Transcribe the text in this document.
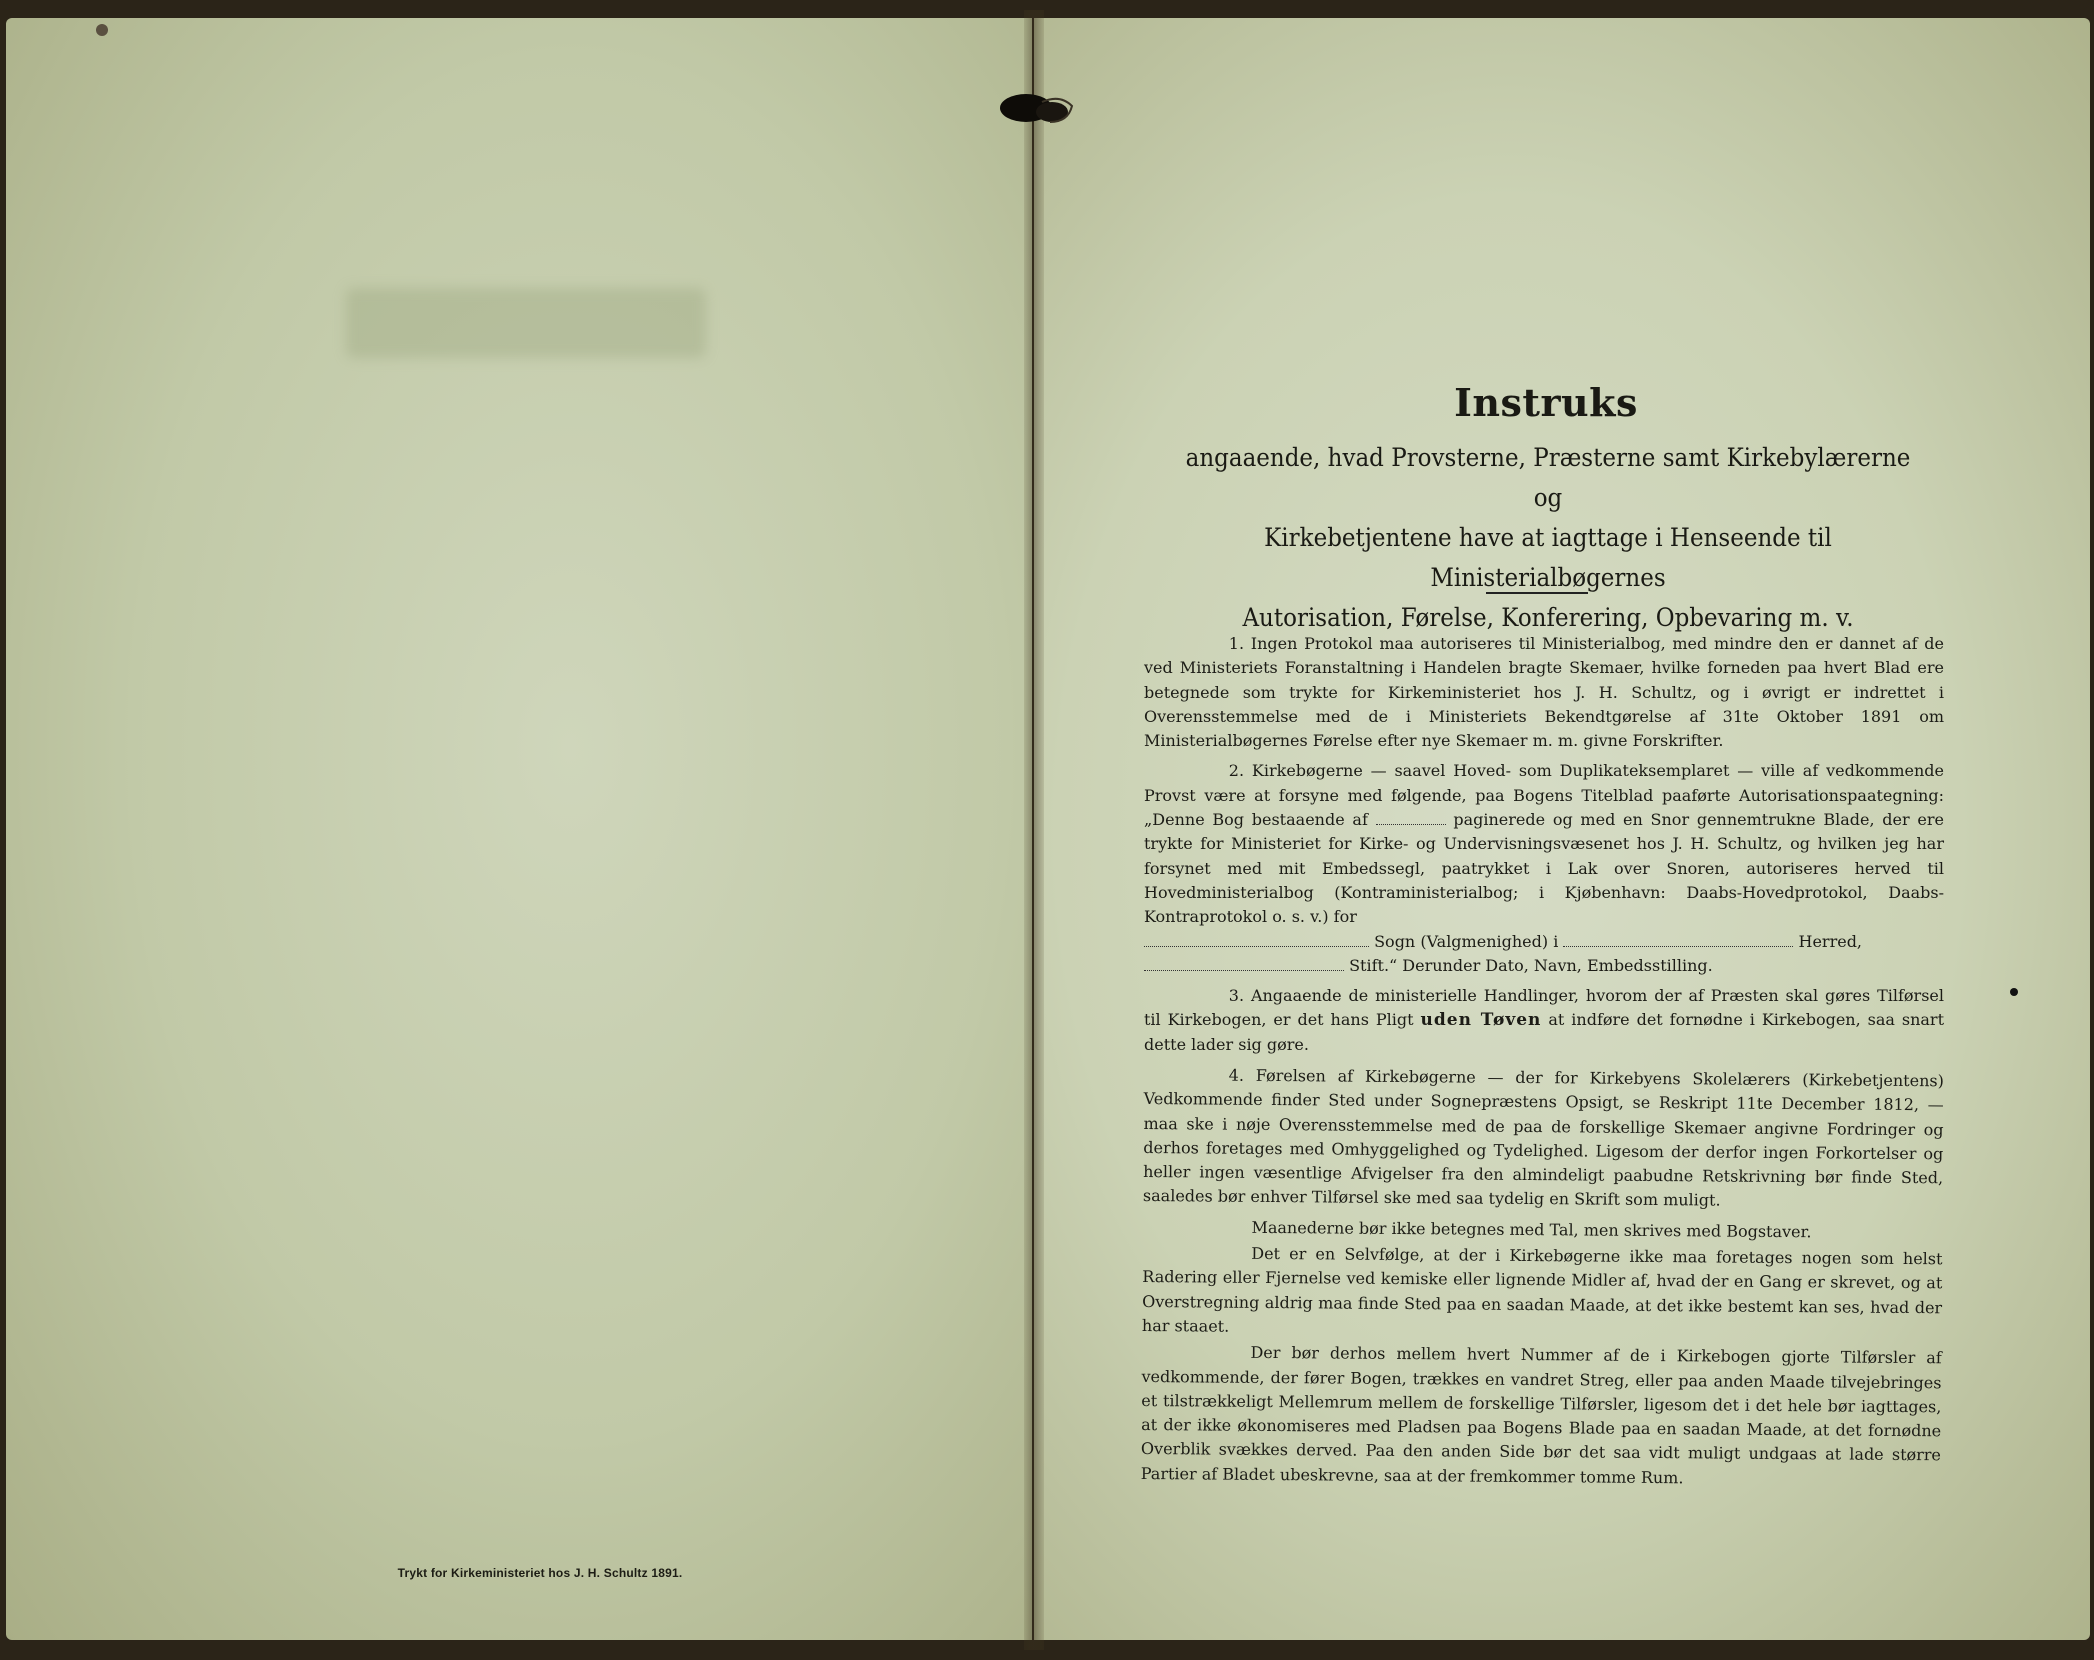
Trykt for Kirkeministeriet hos J. H. Schultz 1891.
Instruks
angaaende, hvad Provsterne, Præsterne samt Kirkebylærerne og
Kirkebetjentene have at iagttage i Henseende til Ministerialbøgernes
Autorisation, Førelse, Konferering, Opbevaring m. v.

1. Ingen Protokol maa autoriseres til Ministerialbog, med mindre den er dannet af de ved Ministeriets Foranstaltning i Handelen bragte Skemaer, hvilke forneden paa hvert Blad ere betegnede som trykte for Kirkeministeriet hos J. H. Schultz, og i øvrigt er indrettet i Overensstemmelse med de i Ministeriets Bekendtgørelse af 31te Oktober 1891 om Ministerialbøgernes Førelse efter nye Skemaer m. m. givne Forskrifter.

2. Kirkebøgerne — saavel Hoved- som Duplikateksemplaret — ville af vedkommende Provst være at forsyne med følgende, paa Bogens Titelblad paaførte Autorisationspaategning: „Denne Bog bestaaende af	paginerede og med en Snor gennemtrukne Blade, der ere trykte for Ministeriet for Kirke- og Undervisningsvæsenet hos J. H. Schultz, og hvilken jeg har forsynet med mit Embedssegl, paatrykket i Lak over Snoren, autoriseres herved til Hovedministerialbog (Kontraministerialbog; i Kjøbenhavn: Daabs-Hovedprotokol, Daabs-Kontraprotokol o. s. v.) for
Sogn (Valgmenighed) i	Herred,
Stift.“ Derunder Dato, Navn, Embedsstilling.

3. Angaaende de ministerielle Handlinger, hvorom der af Præsten skal gøres Tilførsel til Kirkebogen, er det hans Pligt uden Tøven at indføre det fornødne i Kirkebogen, saa snart dette lader sig gøre.

4. Førelsen af Kirkebøgerne — der for Kirkebyens Skolelærers (Kirkebetjentens) Vedkommende finder Sted under Sognepræstens Opsigt, se Reskript 11te December 1812, — maa ske i nøje Overensstemmelse med de paa de forskellige Skemaer angivne Fordringer og derhos foretages med Omhyggelighed og Tydelighed. Ligesom der derfor ingen Forkortelser og heller ingen væsentlige Afvigelser fra den almindeligt paabudne Retskrivning bør finde Sted, saaledes bør enhver Tilførsel ske med saa tydelig en Skrift som muligt.

Maanederne bør ikke betegnes med Tal, men skrives med Bogstaver.

Det er en Selvfølge, at der i Kirkebøgerne ikke maa foretages nogen som helst Radering eller Fjernelse ved kemiske eller lignende Midler af, hvad der en Gang er skrevet, og at Overstregning aldrig maa finde Sted paa en saadan Maade, at det ikke bestemt kan ses, hvad der har staaet.

Der bør derhos mellem hvert Nummer af de i Kirkebogen gjorte Tilførsler af vedkommende, der fører Bogen, trækkes en vandret Streg, eller paa anden Maade tilvejebringes et tilstrækkeligt Mellemrum mellem de forskellige Tilførsler, ligesom det i det hele bør iagttages, at der ikke økonomiseres med Pladsen paa Bogens Blade paa en saadan Maade, at det fornødne Overblik svækkes derved. Paa den anden Side bør det saa vidt muligt undgaas at lade større Partier af Bladet ubeskrevne, saa at der fremkommer tomme Rum.
